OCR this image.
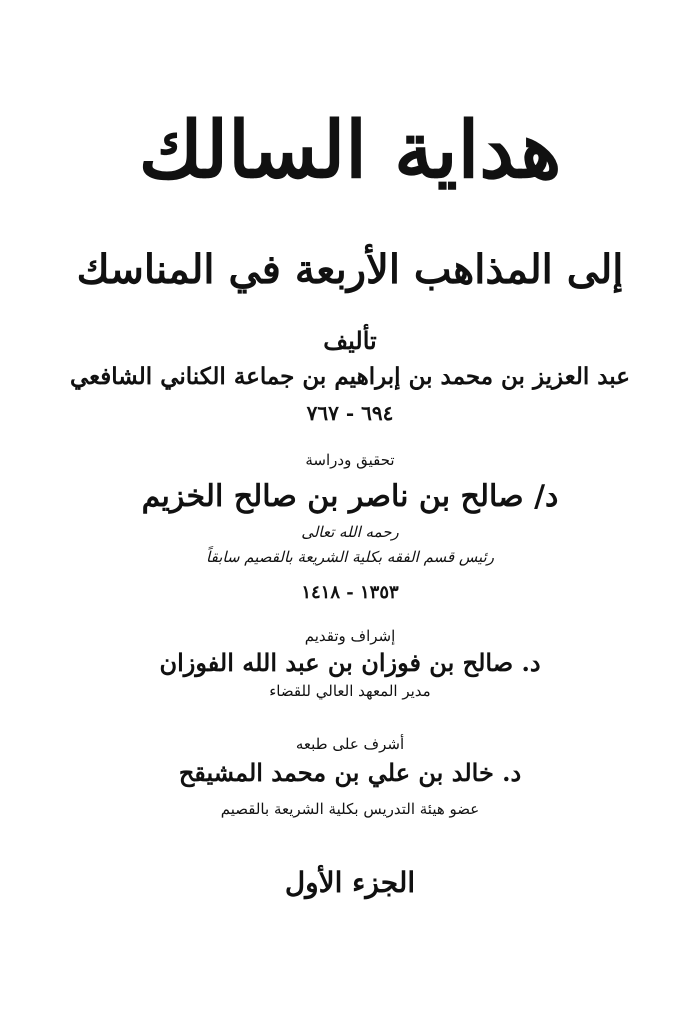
هداية السالك
إلى المذاهب الأربعة في المناسك
تأليف
عبد العزيز بن محمد بن إبراهيم بن جماعة الكناني الشافعي
٦٩٤ - ٧٦٧
تحقيق ودراسة
د/ صالح بن ناصر بن صالح الخزيم
رحمه الله تعالى
رئيس قسم الفقه بكلية الشريعة بالقصيم سابقاً
١٣٥٣ - ١٤١٨
إشراف وتقديم
د. صالح بن فوزان بن عبد الله الفوزان
مدير المعهد العالي للقضاء
أشرف على طبعه
د. خالد بن علي بن محمد المشيقح
عضو هيئة التدريس بكلية الشريعة بالقصيم
الجزء الأول
